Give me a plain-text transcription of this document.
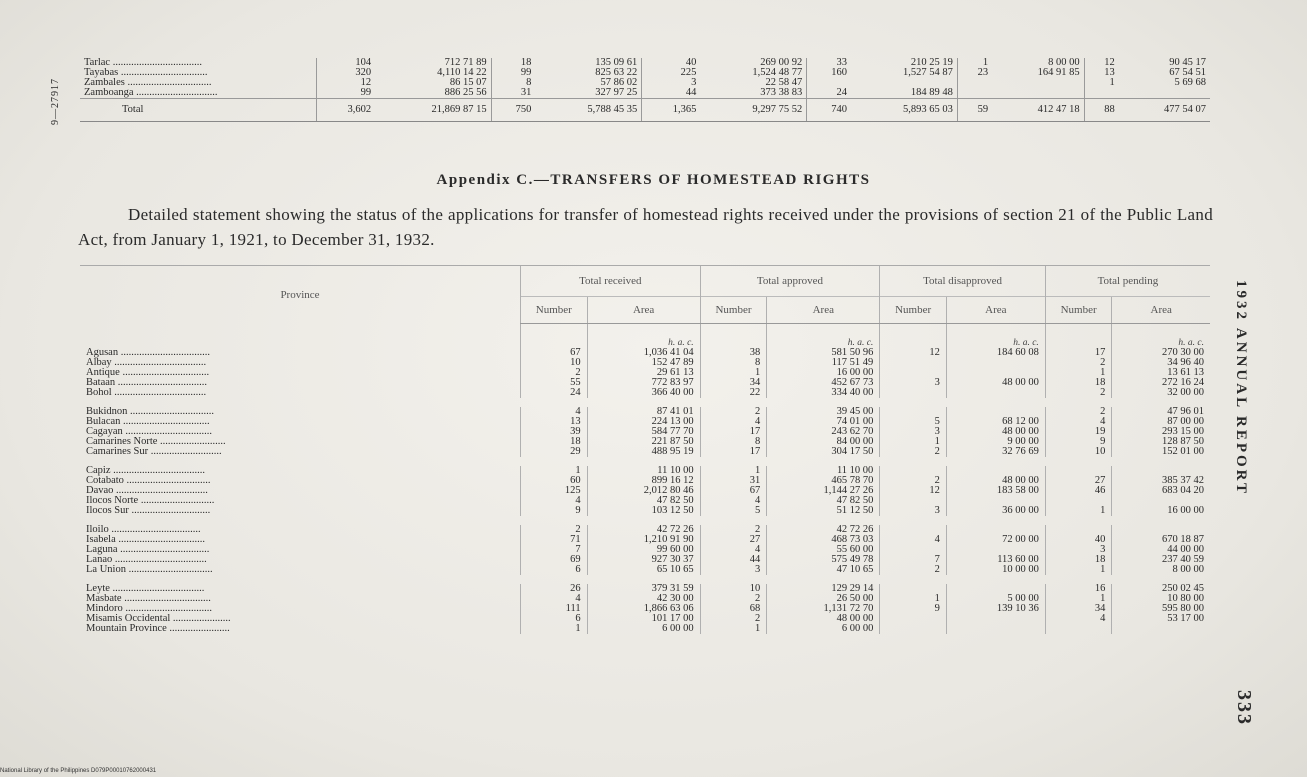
Tarlac ..................................	104	712 71 89	18	135 09 61	40	269 00 92	33	210 25 19	1	8 00 00	12	90 45 17
Tayabas .................................	320	4,110 14 22	99	825 63 22	225	1,524 48 77	160	1,527 54 87	23	164 91 85	13	67 54 51
Zambales ................................	12	86 15 07	8	57 86 02	3	22 58 47					1	5 69 68
Zamboanga ...............................	99	886 25 56	31	327 97 25	44	373 38 83	24	184 89 48				
Total	3,602	21,869 87 15	750	5,788 45 35	1,365	9,297 75 52	740	5,893 65 03	59	412 47 18	88	477 54 07
9—27917
Appendix C.—TRANSFERS OF HOMESTEAD RIGHTS
Detailed statement showing the status of the applications for transfer of homestead rights received under the provisions of section 21 of the Public Land Act, from January 1, 1921, to December 31, 1932.
Province	Total received		Total approved		Total disapproved		Total pending	
	Number	Area	Number	Area	Number	Area	Number	Area
		h. a. c.		h. a. c.		h. a. c.		h. a. c.
Agusan ..................................	67	1,036 41 04	38	581 50 96	12	184 60 08	17	270 30 00
Albay ...................................	10	152 47 89	8	117 51 49			2	34 96 40
Antique .................................	2	29 61 13	1	16 00 00			1	13 61 13
Bataan ..................................	55	772 83 97	34	452 67 73	3	48 00 00	18	272 16 24
Bohol ...................................	24	366 40 00	22	334 40 00			2	32 00 00

Bukidnon ................................	4	87 41 01	2	39 45 00			2	47 96 01
Bulacan .................................	13	224 13 00	4	74 01 00	5	68 12 00	4	87 00 00
Cagayan .................................	39	584 77 70	17	243 62 70	3	48 00 00	19	293 15 00
Camarines Norte .........................	18	221 87 50	8	84 00 00	1	9 00 00	9	128 87 50
Camarines Sur ...........................	29	488 95 19	17	304 17 50	2	32 76 69	10	152 01 00

Capiz ...................................	1	11 10 00	1	11 10 00				
Cotabato ................................	60	899 16 12	31	465 78 70	2	48 00 00	27	385 37 42
Davao ...................................	125	2,012 80 46	67	1,144 27 26	12	183 58 00	46	683 04 20
Ilocos Norte ............................	4	47 82 50	4	47 82 50				
Ilocos Sur ..............................	9	103 12 50	5	51 12 50	3	36 00 00	1	16 00 00

Iloilo ..................................	2	42 72 26	2	42 72 26				
Isabela .................................	71	1,210 91 90	27	468 73 03	4	72 00 00	40	670 18 87
Laguna ..................................	7	99 60 00	4	55 60 00			3	44 00 00
Lanao ...................................	69	927 30 37	44	575 49 78	7	113 60 00	18	237 40 59
La Union ................................	6	65 10 65	3	47 10 65	2	10 00 00	1	8 00 00

Leyte ...................................	26	379 31 59	10	129 29 14			16	250 02 45
Masbate .................................	4	42 30 00	2	26 50 00	1	5 00 00	1	10 80 00
Mindoro .................................	111	1,866 63 06	68	1,131 72 70	9	139 10 36	34	595 80 00
Misamis Occidental ......................	6	101 17 00	2	48 00 00			4	53 17 00
Mountain Province .......................	1	6 00 00	1	6 00 00				
1932 ANNUAL REPORT
333
National Library of the Philippines D079P00010762000431
